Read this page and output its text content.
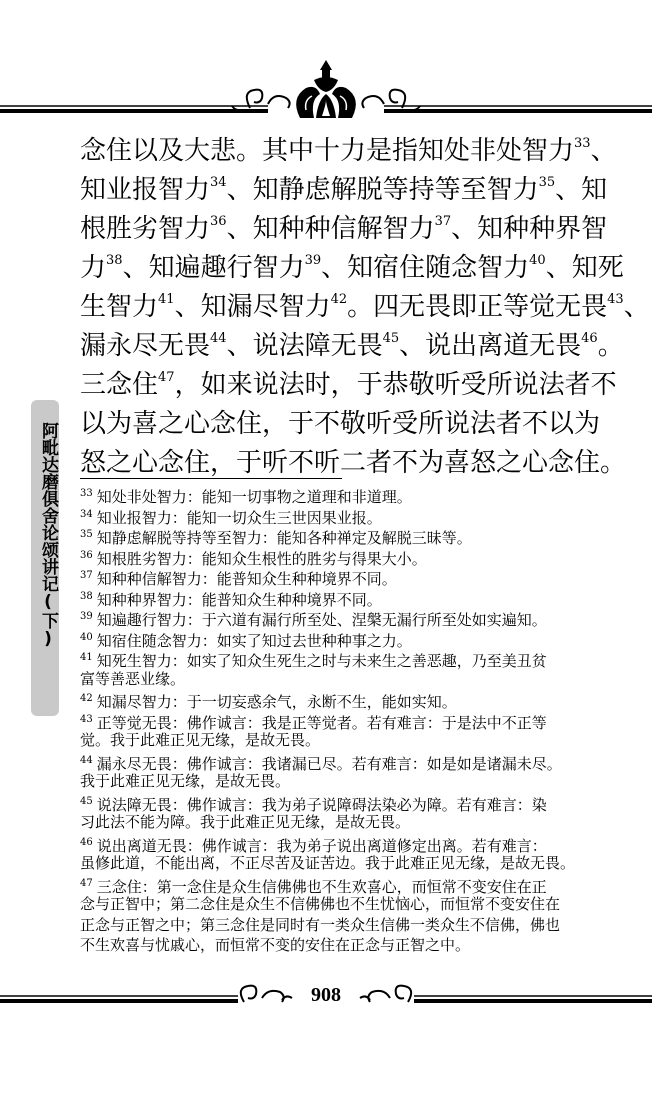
阿毗达磨俱舍论颂讲记(下)
念住以及大悲。其中十力是指知处非处智力$^{33}$、
知业报智力$^{34}$、知静虑解脱等持等至智力$^{35}$、知
根胜劣智力$^{36}$、知种种信解智力$^{37}$、知种种界智
力$^{38}$、知遍趣行智力$^{39}$、知宿住随念智力$^{40}$、知死
生智力$^{41}$、知漏尽智力$^{42}$。四无畏即正等觉无畏$^{43}$、
漏永尽无畏$^{44}$、说法障无畏$^{45}$、说出离道无畏$^{46}$。
三念住$^{47}$，如来说法时，于恭敬听受所说法者不
以为喜之心念住，于不敬听受所说法者不以为
怒之心念住，于听不听二者不为喜怒之心念住。
$^{33}$ 知处非处智力：能知一切事物之道理和非道理。
$^{34}$ 知业报智力：能知一切众生三世因果业报。
$^{35}$ 知静虑解脱等持等至智力：能知各种禅定及解脱三昧等。
$^{36}$ 知根胜劣智力：能知众生根性的胜劣与得果大小。
$^{37}$ 知种种信解智力：能普知众生种种境界不同。
$^{38}$ 知种种界智力：能普知众生种种境界不同。
$^{39}$ 知遍趣行智力：于六道有漏行所至处、涅槃无漏行所至处如实遍知。
$^{40}$ 知宿住随念智力：如实了知过去世种种事之力。
$^{41}$ 知死生智力：如实了知众生死生之时与未来生之善恶趣，乃至美丑贫
富等善恶业缘。
$^{42}$ 知漏尽智力：于一切妄惑余气，永断不生，能如实知。
$^{43}$ 正等觉无畏：佛作诚言：我是正等觉者。若有难言：于是法中不正等
觉。我于此难正见无缘，是故无畏。
$^{44}$ 漏永尽无畏：佛作诚言：我诸漏已尽。若有难言：如是如是诸漏未尽。
我于此难正见无缘，是故无畏。
$^{45}$ 说法障无畏：佛作诚言：我为弟子说障碍法染必为障。若有难言：染
习此法不能为障。我于此难正见无缘，是故无畏。
$^{46}$ 说出离道无畏：佛作诚言：我为弟子说出离道修定出离。若有难言：
虽修此道，不能出离，不正尽苦及证苦边。我于此难正见无缘，是故无畏。
$^{47}$ 三念住：第一念住是众生信佛佛也不生欢喜心，而恒常不变安住在正
念与正智中；第二念住是众生不信佛佛也不生忧恼心，而恒常不变安住在
正念与正智之中；第三念住是同时有一类众生信佛一类众生不信佛，佛也
不生欢喜与忧戚心，而恒常不变的安住在正念与正智之中。
908
